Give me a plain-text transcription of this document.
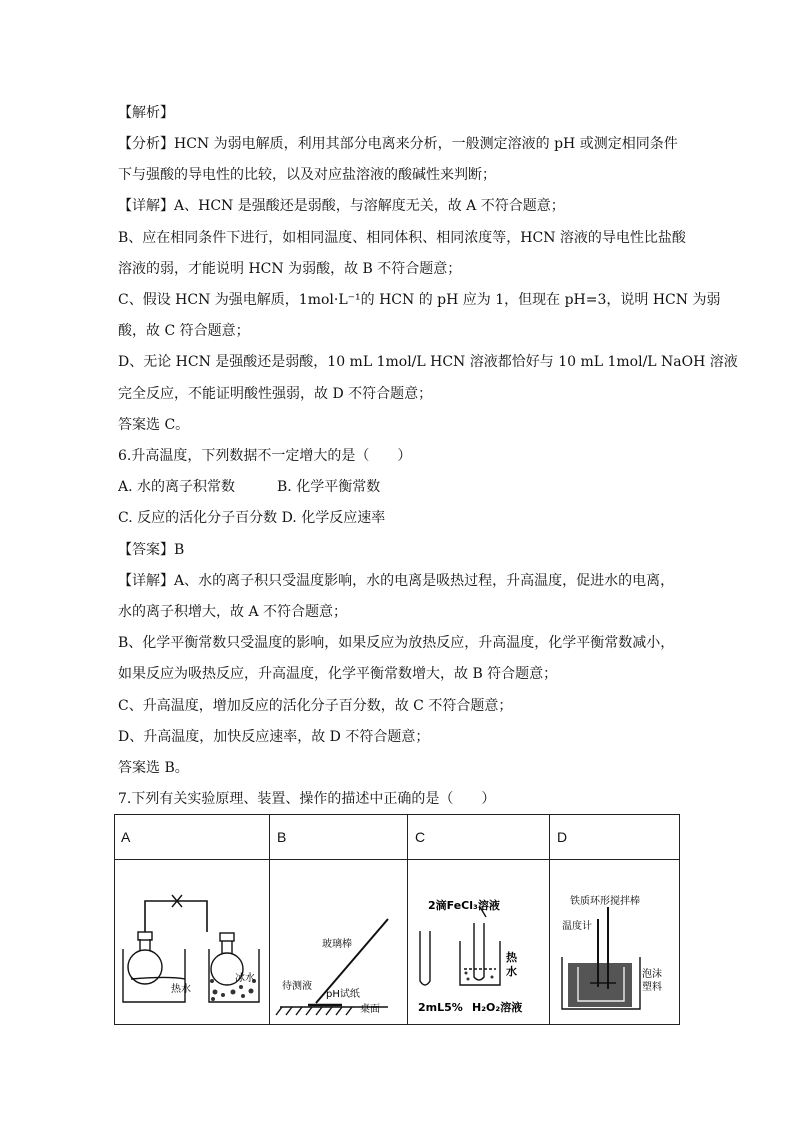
【解析】
【分析】HCN 为弱电解质，利用其部分电离来分析，一般测定溶液的 pH 或测定相同条件
下与强酸的导电性的比较，以及对应盐溶液的酸碱性来判断；
【详解】A、HCN 是强酸还是弱酸，与溶解度无关，故 A 不符合题意；
B、应在相同条件下进行，如相同温度、相同体积、相同浓度等，HCN 溶液的导电性比盐酸
溶液的弱，才能说明 HCN 为弱酸，故 B 不符合题意；
C、假设 HCN 为强电解质，1mol·L⁻¹的 HCN 的 pH 应为 1，但现在 pH=3，说明 HCN 为弱
酸，故 C 符合题意；
D、无论 HCN 是强酸还是弱酸，10 mL 1mol/L HCN 溶液都恰好与 10 mL 1mol/L NaOH 溶液
完全反应，不能证明酸性强弱，故 D 不符合题意；
答案选 C。
6.升高温度，下列数据不一定增大的是（　　）
A. 水的离子积常数　　　B. 化学平衡常数
C. 反应的活化分子百分数 D. 化学反应速率
【答案】B
【详解】A、水的离子积只受温度影响，水的电离是吸热过程，升高温度，促进水的电离，
水的离子积增大，故 A 不符合题意；
B、化学平衡常数只受温度的影响，如果反应为放热反应，升高温度，化学平衡常数减小，
如果反应为吸热反应，升高温度，化学平衡常数增大，故 B 符合题意；
C、升高温度，增加反应的活化分子百分数，故 C 不符合题意；
D、升高温度，加快反应速率，故 D 不符合题意；
答案选 B。
7.下列有关实验原理、装置、操作的描述中正确的是（　　）
A	B	C	D
热水
冰水
玻璃棒
待测液
pH试纸
桌面
2滴FeCl₃溶液
热
水
2mL5% H₂O₂溶液
铁质环形搅拌棒
温度计
泡沫
塑料
